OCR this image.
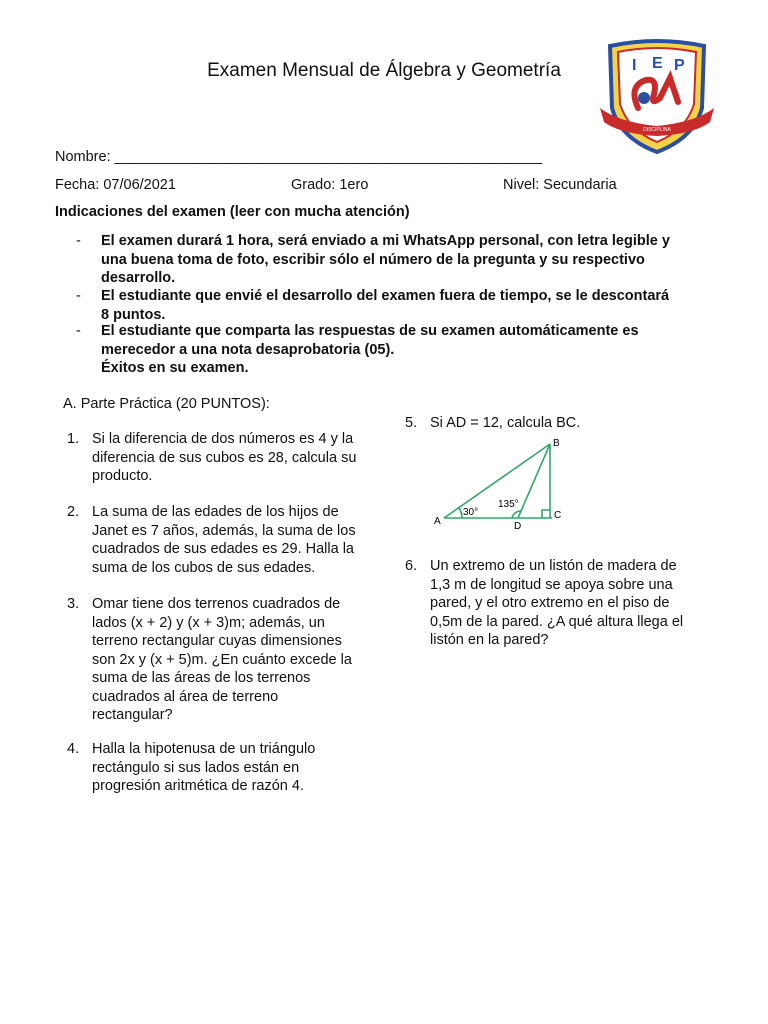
Examen Mensual de Álgebra y Geometría	I E P
DISCIPLINA
Nombre: _____________________________________________________
Fecha: 07/06/2021	Grado: 1ero	Nivel: Secundaria
Indicaciones del examen (leer con mucha atención)
- El examen durará 1 hora, será enviado a mi WhatsApp personal, con letra legible y
una buena toma de foto, escribir sólo el número de la pregunta y su respectivo
desarrollo.
- El estudiante que envié el desarrollo del examen fuera de tiempo, se le descontará
8 puntos.
- El estudiante que comparta las respuestas de su examen automáticamente es
merecedor a una nota desaprobatoria (05).
Éxitos en su examen.
A. Parte Práctica (20 PUNTOS):
1. Si la diferencia de dos números es 4 y la
diferencia de sus cubos es 28, calcula su
producto.
2. La suma de las edades de los hijos de
Janet es 7 años, además, la suma de los
cuadrados de sus edades es 29. Halla la
suma de los cubos de sus edades.
3. Omar tiene dos terrenos cuadrados de
lados (x + 2) y (x + 3)m; además, un
terreno rectangular cuyas dimensiones
son 2x y (x + 5)m. ¿En cuánto excede la
suma de las áreas de los terrenos
cuadrados al área de terreno
rectangular?
4. Halla la hipotenusa de un triángulo
rectángulo si sus lados están en
progresión aritmética de razón 4.
5. Si AD = 12, calcula BC.
A
B
C
D
30°
135°
6. Un extremo de un listón de madera de
1,3 m de longitud se apoya sobre una
pared, y el otro extremo en el piso de
0,5m de la pared. ¿A qué altura llega el
listón en la pared?
